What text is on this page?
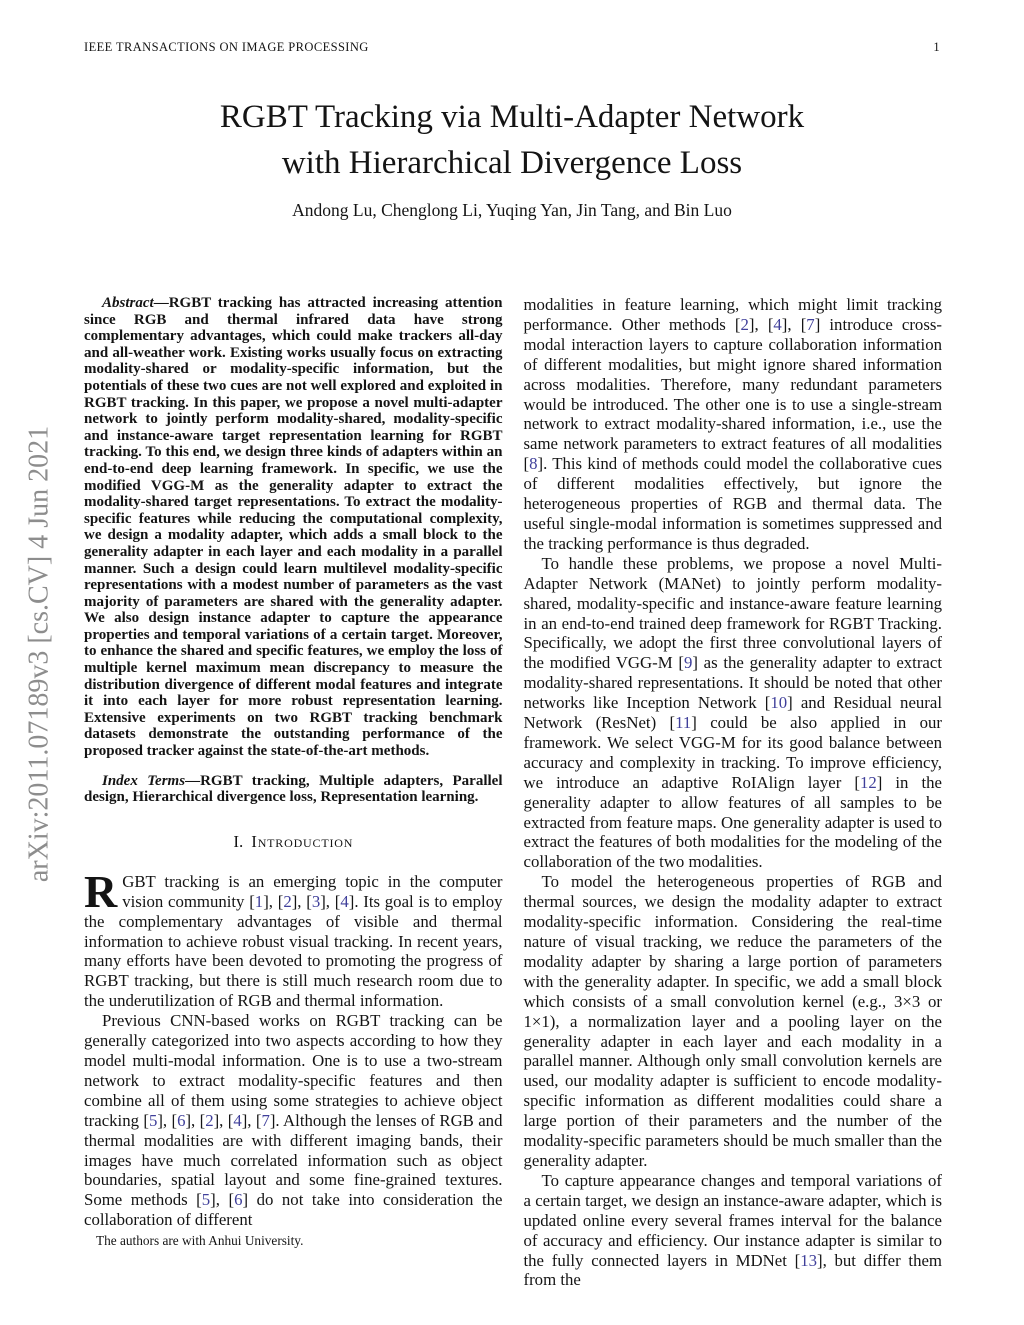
IEEE TRANSACTIONS ON IMAGE PROCESSING	1
RGBT Tracking via Multi-Adapter Network
with Hierarchical Divergence Loss
Andong Lu, Chenglong Li, Yuqing Yan, Jin Tang, and Bin Luo
arXiv:2011.07189v3 [cs.CV] 4 Jun 2021

Abstract—RGBT tracking has attracted increasing attention since RGB and thermal infrared data have strong complementary advantages, which could make trackers all-day and all-weather work. Existing works usually focus on extracting modality-shared or modality-specific information, but the potentials of these two cues are not well explored and exploited in RGBT tracking. In this paper, we propose a novel multi-adapter network to jointly perform modality-shared, modality-specific and instance-aware target representation learning for RGBT tracking. To this end, we design three kinds of adapters within an end-to-end deep learning framework. In specific, we use the modified VGG-M as the generality adapter to extract the modality-shared target representations. To extract the modality-specific features while reducing the computational complexity, we design a modality adapter, which adds a small block to the generality adapter in each layer and each modality in a parallel manner. Such a design could learn multilevel modality-specific representations with a modest number of parameters as the vast majority of parameters are shared with the generality adapter. We also design instance adapter to capture the appearance properties and temporal variations of a certain target. Moreover, to enhance the shared and specific features, we employ the loss of multiple kernel maximum mean discrepancy to measure the distribution divergence of different modal features and integrate it into each layer for more robust representation learning. Extensive experiments on two RGBT tracking benchmark datasets demonstrate the outstanding performance of the proposed tracker against the state-of-the-art methods.

Index Terms—RGBT tracking, Multiple adapters, Parallel design, Hierarchical divergence loss, Representation learning.

I. Introduction

RGBT tracking is an emerging topic in the computer vision community [1], [2], [3], [4]. Its goal is to employ the complementary advantages of visible and thermal information to achieve robust visual tracking. In recent years, many efforts have been devoted to promoting the progress of RGBT tracking, but there is still much research room due to the underutilization of RGB and thermal information.

Previous CNN-based works on RGBT tracking can be generally categorized into two aspects according to how they model multi-modal information. One is to use a two-stream network to extract modality-specific features and then combine all of them using some strategies to achieve object tracking [5], [6], [2], [4], [7]. Although the lenses of RGB and thermal modalities are with different imaging bands, their images have much correlated information such as object boundaries, spatial layout and some fine-grained textures. Some methods [5], [6] do not take into consideration the collaboration of different

The authors are with Anhui University.

modalities in feature learning, which might limit tracking performance. Other methods [2], [4], [7] introduce cross-modal interaction layers to capture collaboration information of different modalities, but might ignore shared information across modalities. Therefore, many redundant parameters would be introduced. The other one is to use a single-stream network to extract modality-shared information, i.e., use the same network parameters to extract features of all modalities [8]. This kind of methods could model the collaborative cues of different modalities effectively, but ignore the heterogeneous properties of RGB and thermal data. The useful single-modal information is sometimes suppressed and the tracking performance is thus degraded.

To handle these problems, we propose a novel Multi-Adapter Network (MANet) to jointly perform modality-shared, modality-specific and instance-aware feature learning in an end-to-end trained deep framework for RGBT Tracking. Specifically, we adopt the first three convolutional layers of the modified VGG-M [9] as the generality adapter to extract modality-shared representations. It should be noted that other networks like Inception Network [10] and Residual neural Network (ResNet) [11] could be also applied in our framework. We select VGG-M for its good balance between accuracy and complexity in tracking. To improve efficiency, we introduce an adaptive RoIAlign layer [12] in the generality adapter to allow features of all samples to be extracted from feature maps. One generality adapter is used to extract the features of both modalities for the modeling of the collaboration of the two modalities.

To model the heterogeneous properties of RGB and thermal sources, we design the modality adapter to extract modality-specific information. Considering the real-time nature of visual tracking, we reduce the parameters of the modality adapter by sharing a large portion of parameters with the generality adapter. In specific, we add a small block which consists of a small convolution kernel (e.g., 3×3 or 1×1), a normalization layer and a pooling layer on the generality adapter in each layer and each modality in a parallel manner. Although only small convolution kernels are used, our modality adapter is sufficient to encode modality-specific information as different modalities could share a large portion of their parameters and the number of the modality-specific parameters should be much smaller than the generality adapter.

To capture appearance changes and temporal variations of a certain target, we design an instance-aware adapter, which is updated online every several frames interval for the balance of accuracy and efficiency. Our instance adapter is similar to the fully connected layers in MDNet [13], but differ them from the
